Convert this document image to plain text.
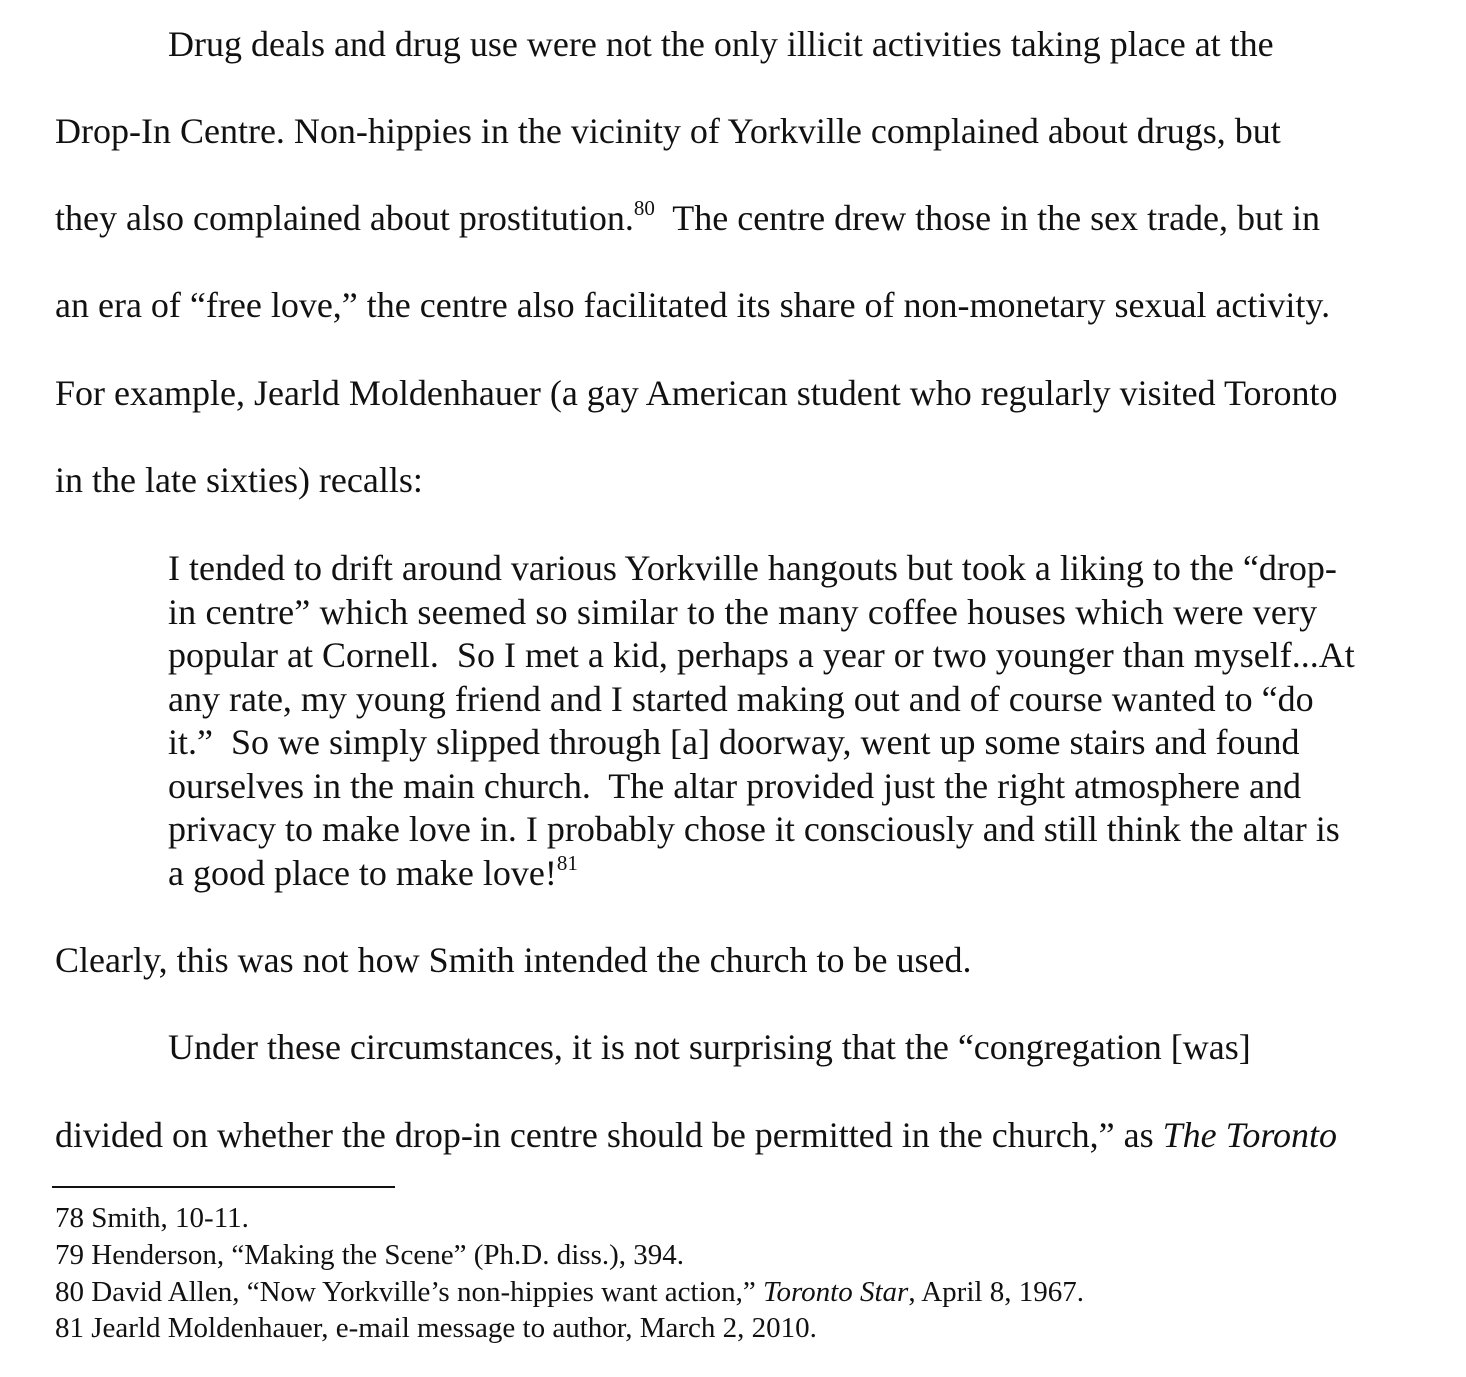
Drug deals and drug use were not the only illicit activities taking place at the
Drop-In Centre. Non-hippies in the vicinity of Yorkville complained about drugs, but
they also complained about prostitution.$^{80}$  The centre drew those in the sex trade, but in
an era of “free love,” the centre also facilitated its share of non-monetary sexual activity.
For example, Jearld Moldenhauer (a gay American student who regularly visited Toronto
in the late sixties) recalls:
I tended to drift around various Yorkville hangouts but took a liking to the “drop-
in centre” which seemed so similar to the many coffee houses which were very
popular at Cornell.  So I met a kid, perhaps a year or two younger than myself...At
any rate, my young friend and I started making out and of course wanted to “do
it.”  So we simply slipped through [a] doorway, went up some stairs and found
ourselves in the main church.  The altar provided just the right atmosphere and
privacy to make love in. I probably chose it consciously and still think the altar is
a good place to make love!$^{81}$
Clearly, this was not how Smith intended the church to be used.
Under these circumstances, it is not surprising that the “congregation [was]
divided on whether the drop-in centre should be permitted in the church,” as The Toronto
78 Smith, 10-11.
79 Henderson, “Making the Scene” (Ph.D. diss.), 394.
80 David Allen, “Now Yorkville’s non-hippies want action,” Toronto Star, April 8, 1967.
81 Jearld Moldenhauer, e-mail message to author, March 2, 2010.
